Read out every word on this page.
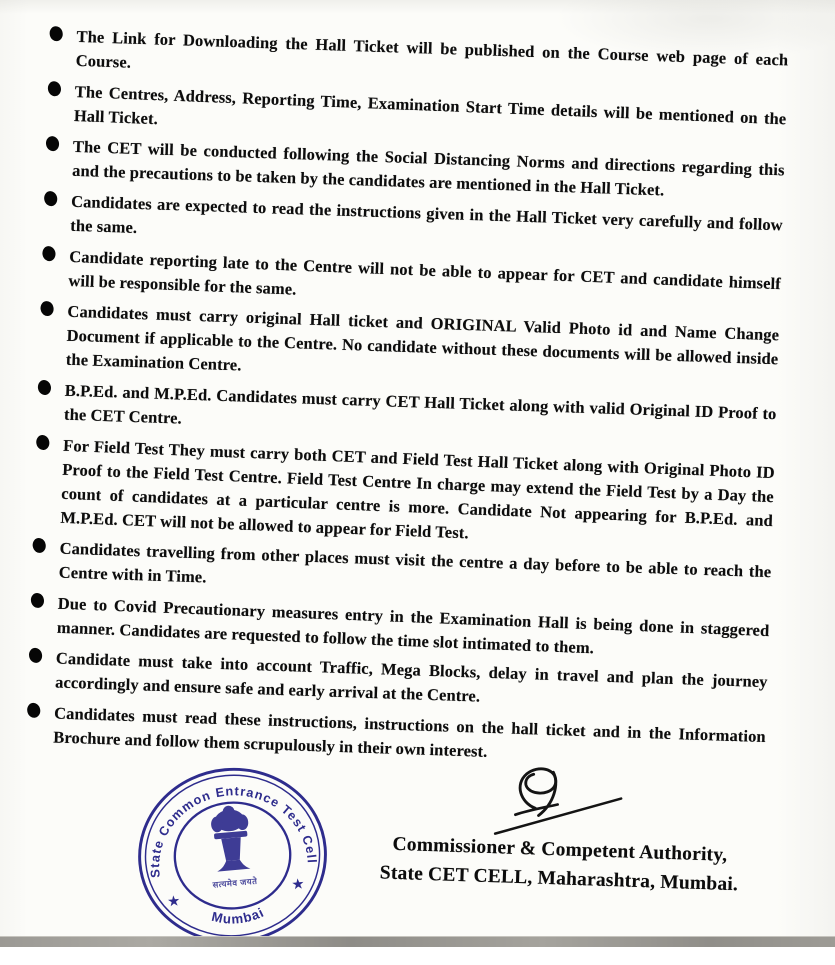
The Link for Downloading the Hall Ticket will be published on the Course web page of each Course.
The Centres, Address, Reporting Time, Examination Start Time details will be mentioned on the Hall Ticket.
The CET will be conducted following the Social Distancing Norms and directions regarding this and the precautions to be taken by the candidates are mentioned in the Hall Ticket.
Candidates are expected to read the instructions given in the Hall Ticket very carefully and follow the same.
Candidate reporting late to the Centre will not be able to appear for CET and candidate himself will be responsible for the same.
Candidates must carry original Hall ticket and ORIGINAL Valid Photo id and Name Change Document if applicable to the Centre. No candidate without these documents will be allowed inside the Examination Centre.
B.P.Ed. and M.P.Ed. Candidates must carry CET Hall Ticket along with valid Original ID Proof to the CET Centre.
For Field Test They must carry both CET and Field Test Hall Ticket along with Original Photo ID Proof to the Field Test Centre. Field Test Centre In charge may extend the Field Test by a Day the count of candidates at a particular centre is more. Candidate Not appearing for B.P.Ed. and M.P.Ed. CET will not be allowed to appear for Field Test.
Candidates travelling from other places must visit the centre a day before to be able to reach the Centre with in Time.
Due to Covid Precautionary measures entry in the Examination Hall is being done in staggered manner. Candidates are requested to follow the time slot intimated to them.
Candidate must take into account Traffic, Mega Blocks, delay in travel and plan the journey accordingly and ensure safe and early arrival at the Centre.
Candidates must read these instructions, instructions on the hall ticket and in the Information Brochure and follow them scrupulously in their own interest.
State Common Entrance Test Cell
Mumbai
★
★
सत्यमेव जयते
Commissioner & Competent Authority,
State CET CELL, Maharashtra, Mumbai.
